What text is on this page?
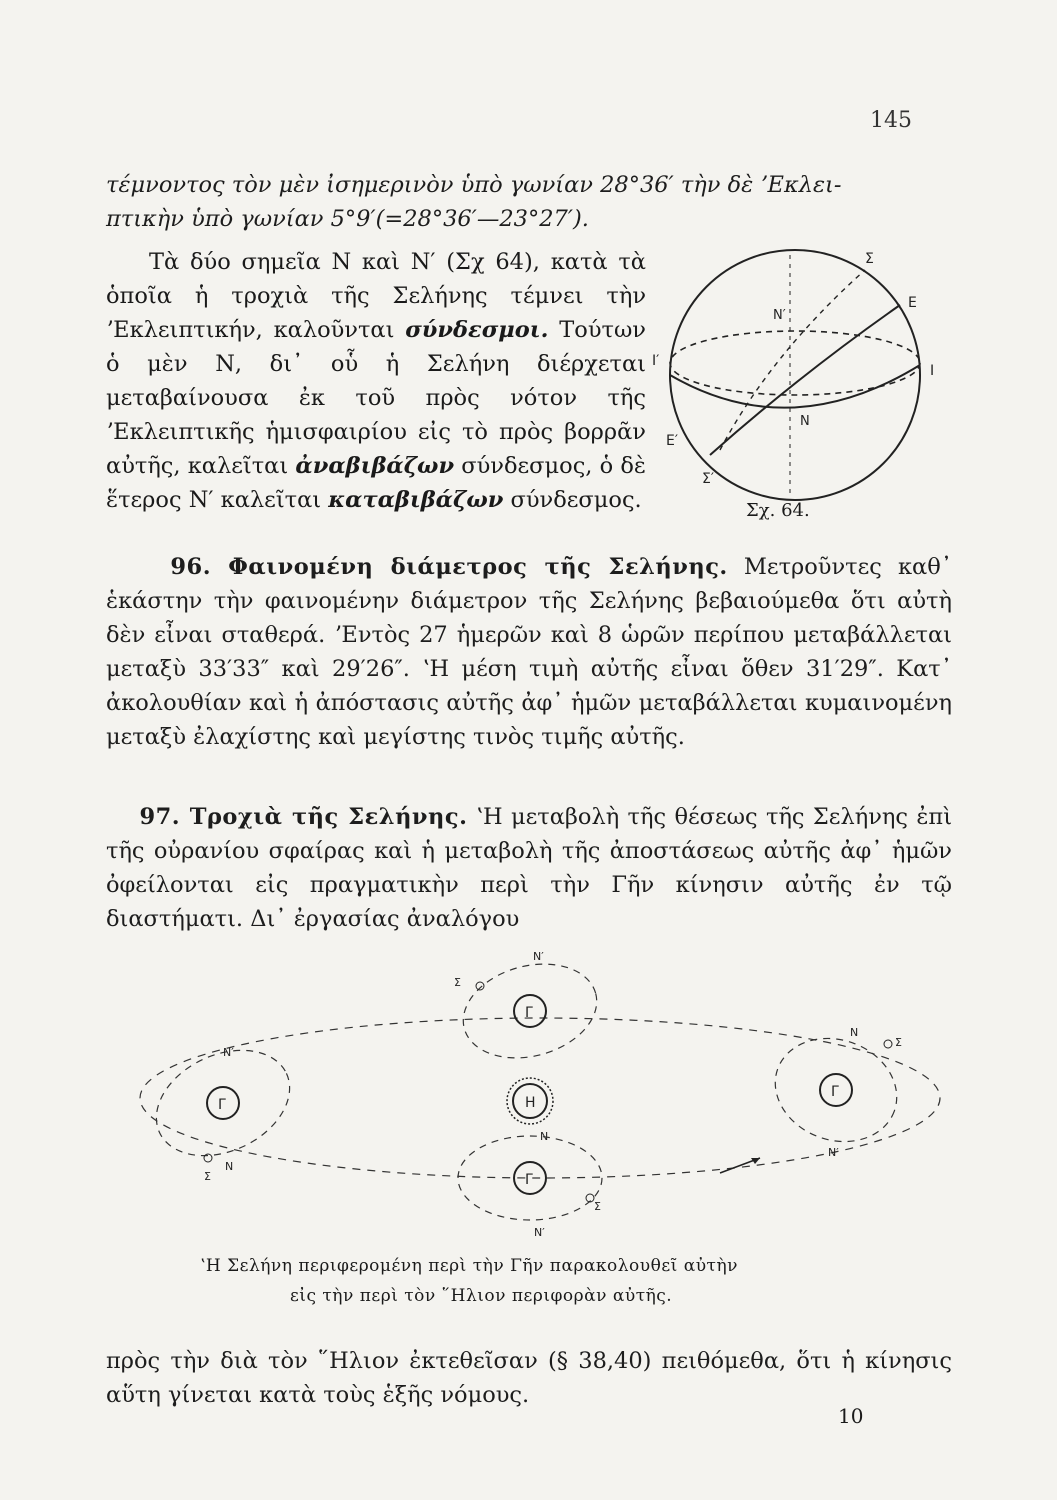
145
τέμνοντος τὸν μὲν ἰσημερινὸν ὑπὸ γωνίαν 28°36′ τὴν δὲ ʼΕκλει-
πτικὴν ὑπὸ γωνίαν 5°9′(=28°36′—23°27′).
Τὰ δύο σημεῖα Ν καὶ Ν′ (Σχ 64), κατὰ τὰ ὁποῖα ἡ τροχιὰ τῆς Σελήνης τέμνει τὴν ʼΕκλειπτικήν, καλοῦνται σύνδεσμοι. Τούτων ὁ μὲν Ν, δι᾽ οὗ ἡ Σελήνη διέρχεται μεταβαίνουσα ἐκ τοῦ πρὸς νότον τῆς ʼΕκλειπτικῆς ἡμισφαιρίου εἰς τὸ πρὸς βορρᾶν αὐτῆς, καλεῖται ἀναβιβάζων σύνδεσμος, ὁ δὲ ἕτερος Ν′ καλεῖται καταβιβάζων σύνδεσμος.
Σ
Ε
Ν′
Ι′
Ι
Ν
Ε′
Σ′
Σχ. 64.
96. Φαινομένη διάμετρος τῆς Σελήνης. Μετροῦντες καθ᾽ ἑκάστην τὴν φαινομένην διάμετρον τῆς Σελήνης βεβαιούμεθα ὅτι αὐτὴ δὲν εἶναι σταθερά. ʼΕντὸς 27 ἡμερῶν καὶ 8 ὡρῶν περίπου μεταβάλλεται μεταξὺ 33′33″ καὶ 29′26″. ʽΗ μέση τιμὴ αὐτῆς εἶναι ὅθεν 31′29″. Κατ᾽ ἀκολουθίαν καὶ ἡ ἀπόστασις αὐτῆς ἀφ᾽ ἡμῶν μεταβάλλεται κυμαινομένη μεταξὺ ἐλαχίστης καὶ μεγίστης τινὸς τιμῆς αὐτῆς.
97. Τροχιὰ τῆς Σελήνης. ʽΗ μεταβολὴ τῆς θέσεως τῆς Σελήνης ἐπὶ τῆς οὐρανίου σφαίρας καὶ ἡ μεταβολὴ τῆς ἀποστάσεως αὐτῆς ἀφ᾽ ἡμῶν ὀφείλονται εἰς πραγματικὴν περὶ τὴν Γῆν κίνησιν αὐτῆς ἐν τῷ διαστήματι. Δι᾽ ἐργασίας ἀναλόγου
Γ
Ν′
Ν
Σ
Γ
Σ
Ν′
Η
Ν
Γ
Σ
Ν′
Γ
Σ
Ν
Ν′
ʽΗ Σελήνη περιφερομένη περὶ τὴν Γῆν παρακολουθεῖ αὐτὴν
εἰς τὴν περὶ τὸν ῞Ηλιον περιφορὰν αὐτῆς.
πρὸς τὴν διὰ τὸν ῞Ηλιον ἐκτεθεῖσαν (§ 38,40) πειθόμεθα, ὅτι ἡ κίνησις αὕτη γίνεται κατὰ τοὺς ἑξῆς νόμους.
10
